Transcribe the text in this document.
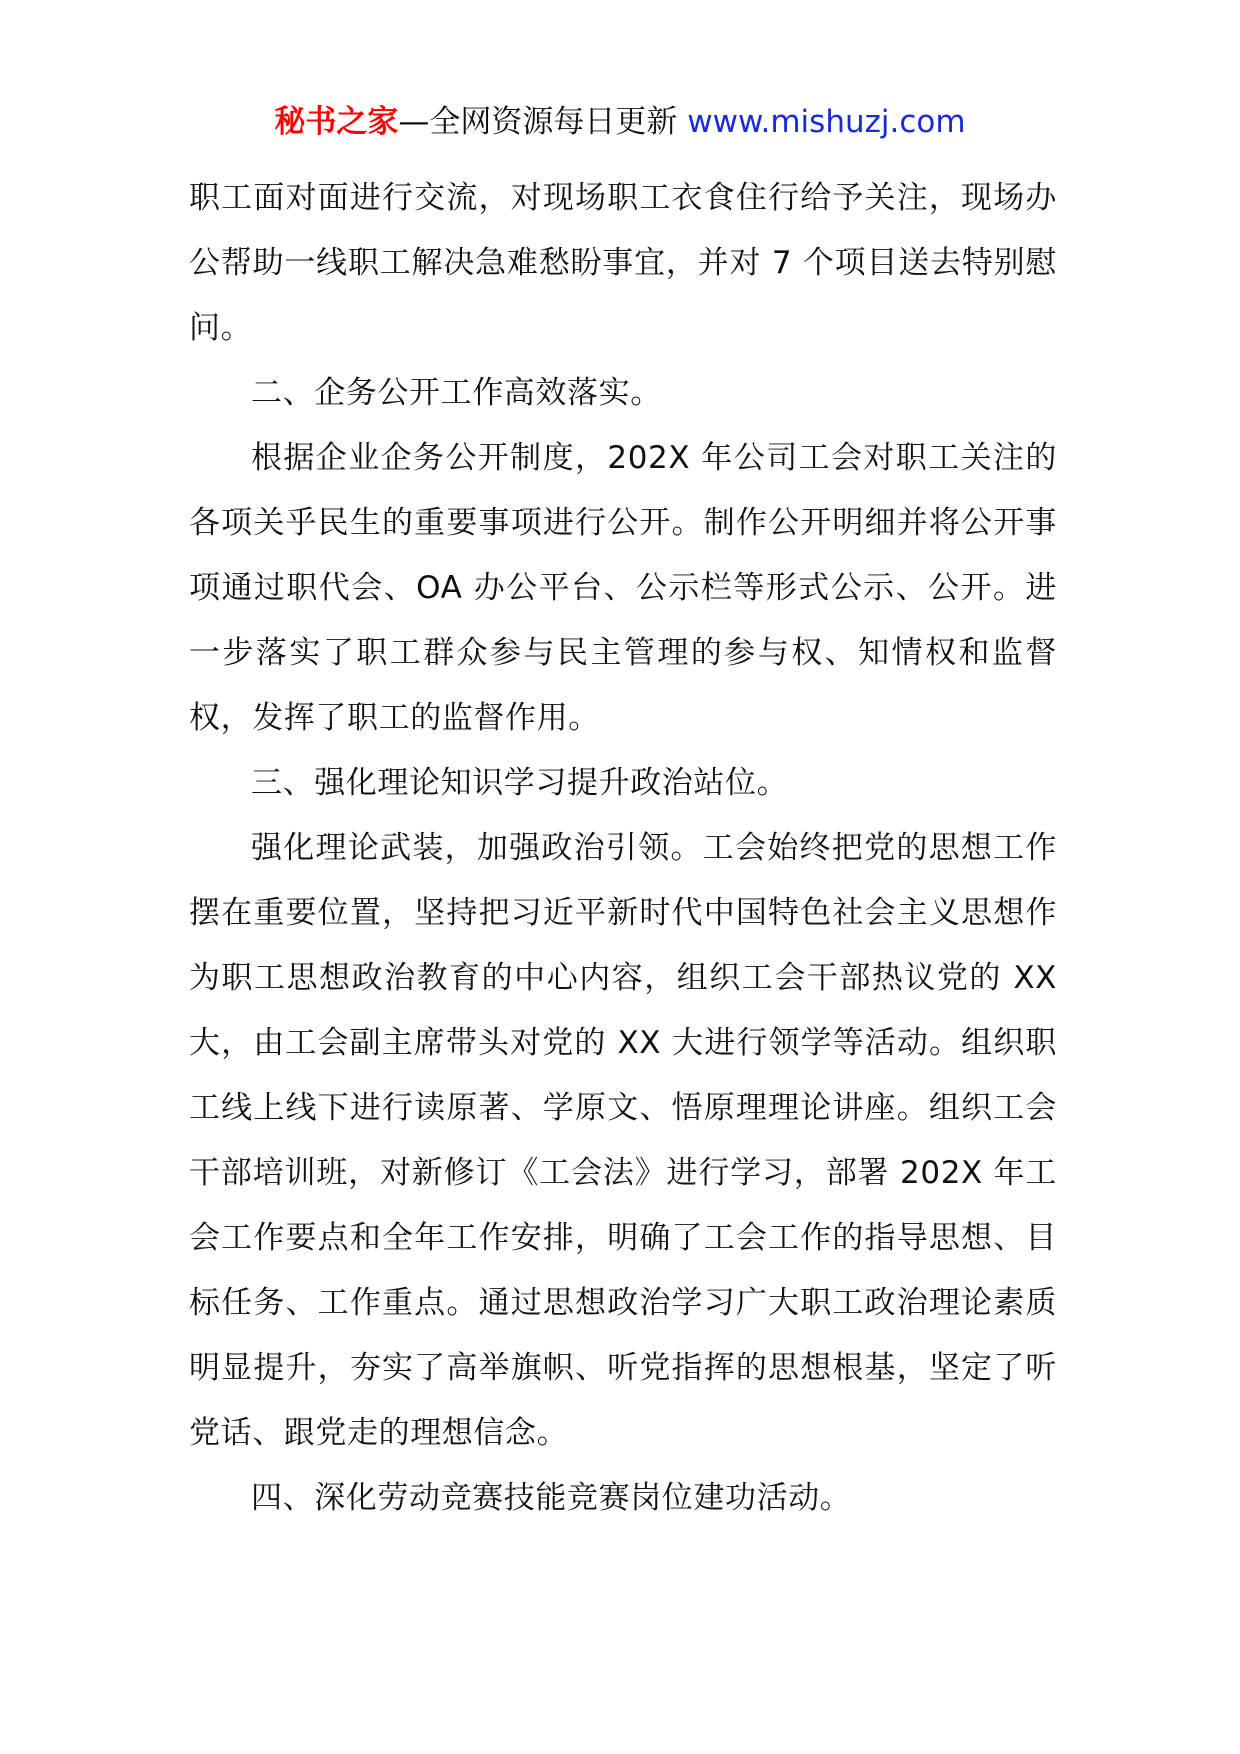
秘书之家—全网资源每日更新 www.mishuzj.com

职工面对面进行交流，对现场职工衣食住行给予关注，现场办公帮助一线职工解决急难愁盼事宜，并对 7 个项目送去特别慰问。

二、企务公开工作高效落实。

根据企业企务公开制度，202X 年公司工会对职工关注的各项关乎民生的重要事项进行公开。制作公开明细并将公开事项通过职代会、OA 办公平台、公示栏等形式公示、公开。进一步落实了职工群众参与民主管理的参与权、知情权和监督权，发挥了职工的监督作用。

三、强化理论知识学习提升政治站位。

强化理论武装，加强政治引领。工会始终把党的思想工作摆在重要位置，坚持把习近平新时代中国特色社会主义思想作为职工思想政治教育的中心内容，组织工会干部热议党的 XX 大，由工会副主席带头对党的 XX 大进行领学等活动。组织职工线上线下进行读原著、学原文、悟原理理论讲座。组织工会干部培训班，对新修订《工会法》进行学习，部署 202X 年工会工作要点和全年工作安排，明确了工会工作的指导思想、目标任务、工作重点。通过思想政治学习广大职工政治理论素质明显提升，夯实了高举旗帜、听党指挥的思想根基，坚定了听党话、跟党走的理想信念。

四、深化劳动竞赛技能竞赛岗位建功活动。
